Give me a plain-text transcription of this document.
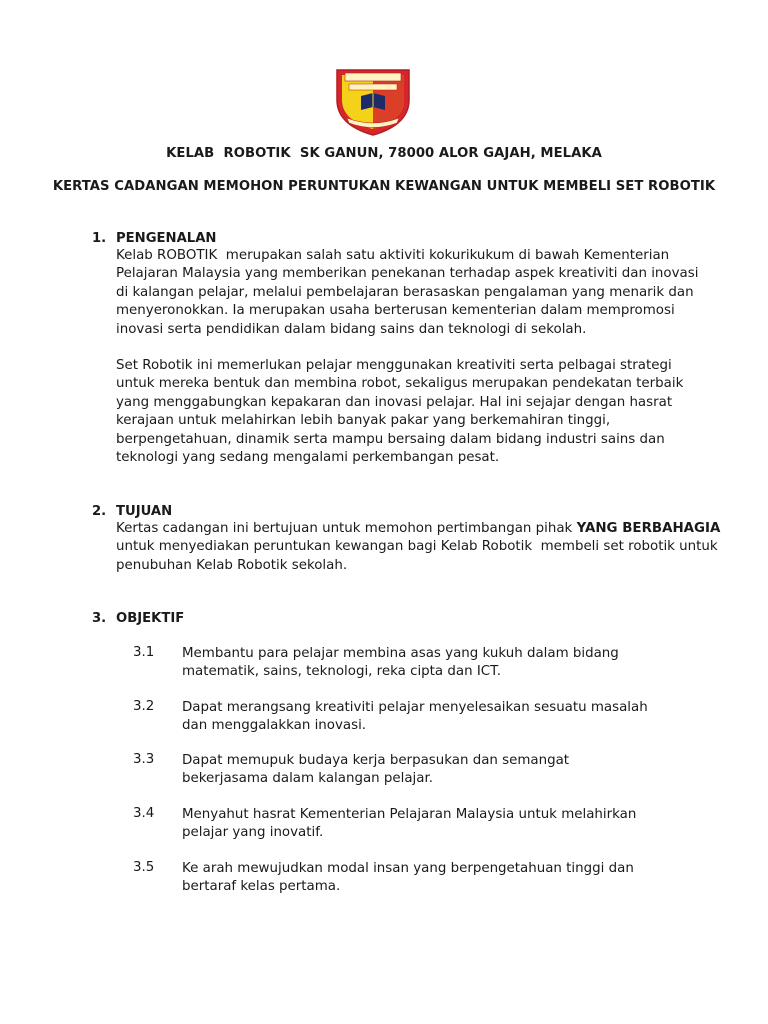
KELAB  ROBOTIK  SK GANUN, 78000 ALOR GAJAH, MELAKA
KERTAS CADANGAN MEMOHON PERUNTUKAN KEWANGAN UNTUK MEMBELI SET ROBOTIK
1. PENGENALAN

Kelab ROBOTIK  merupakan salah satu aktiviti kokurikukum di bawah Kementerian
Pelajaran Malaysia yang memberikan penekanan terhadap aspek kreativiti dan inovasi
di kalangan pelajar, melalui pembelajaran berasaskan pengalaman yang menarik dan
menyeronokkan. Ia merupakan usaha berterusan kementerian dalam mempromosi
inovasi serta pendidikan dalam bidang sains dan teknologi di sekolah.

Set Robotik ini memerlukan pelajar menggunakan kreativiti serta pelbagai strategi
untuk mereka bentuk dan membina robot, sekaligus merupakan pendekatan terbaik
yang menggabungkan kepakaran dan inovasi pelajar. Hal ini sejajar dengan hasrat
kerajaan untuk melahirkan lebih banyak pakar yang berkemahiran tinggi,
berpengetahuan, dinamik serta mampu bersaing dalam bidang industri sains dan
teknologi yang sedang mengalami perkembangan pesat.

2. TUJUAN

Kertas cadangan ini bertujuan untuk memohon pertimbangan pihak YANG BERBAHAGIA
untuk menyediakan peruntukan kewangan bagi Kelab Robotik  membeli set robotik untuk
penubuhan Kelab Robotik sekolah.

3. OBJEKTIF
3.1 Membantu para pelajar membina asas yang kukuh dalam bidang
matematik, sains, teknologi, reka cipta dan ICT.

3.2 Dapat merangsang kreativiti pelajar menyelesaikan sesuatu masalah
dan menggalakkan inovasi.

3.3 Dapat memupuk budaya kerja berpasukan dan semangat
bekerjasama dalam kalangan pelajar.

3.4 Menyahut hasrat Kementerian Pelajaran Malaysia untuk melahirkan
pelajar yang inovatif.

3.5 Ke arah mewujudkan modal insan yang berpengetahuan tinggi dan
bertaraf kelas pertama.
